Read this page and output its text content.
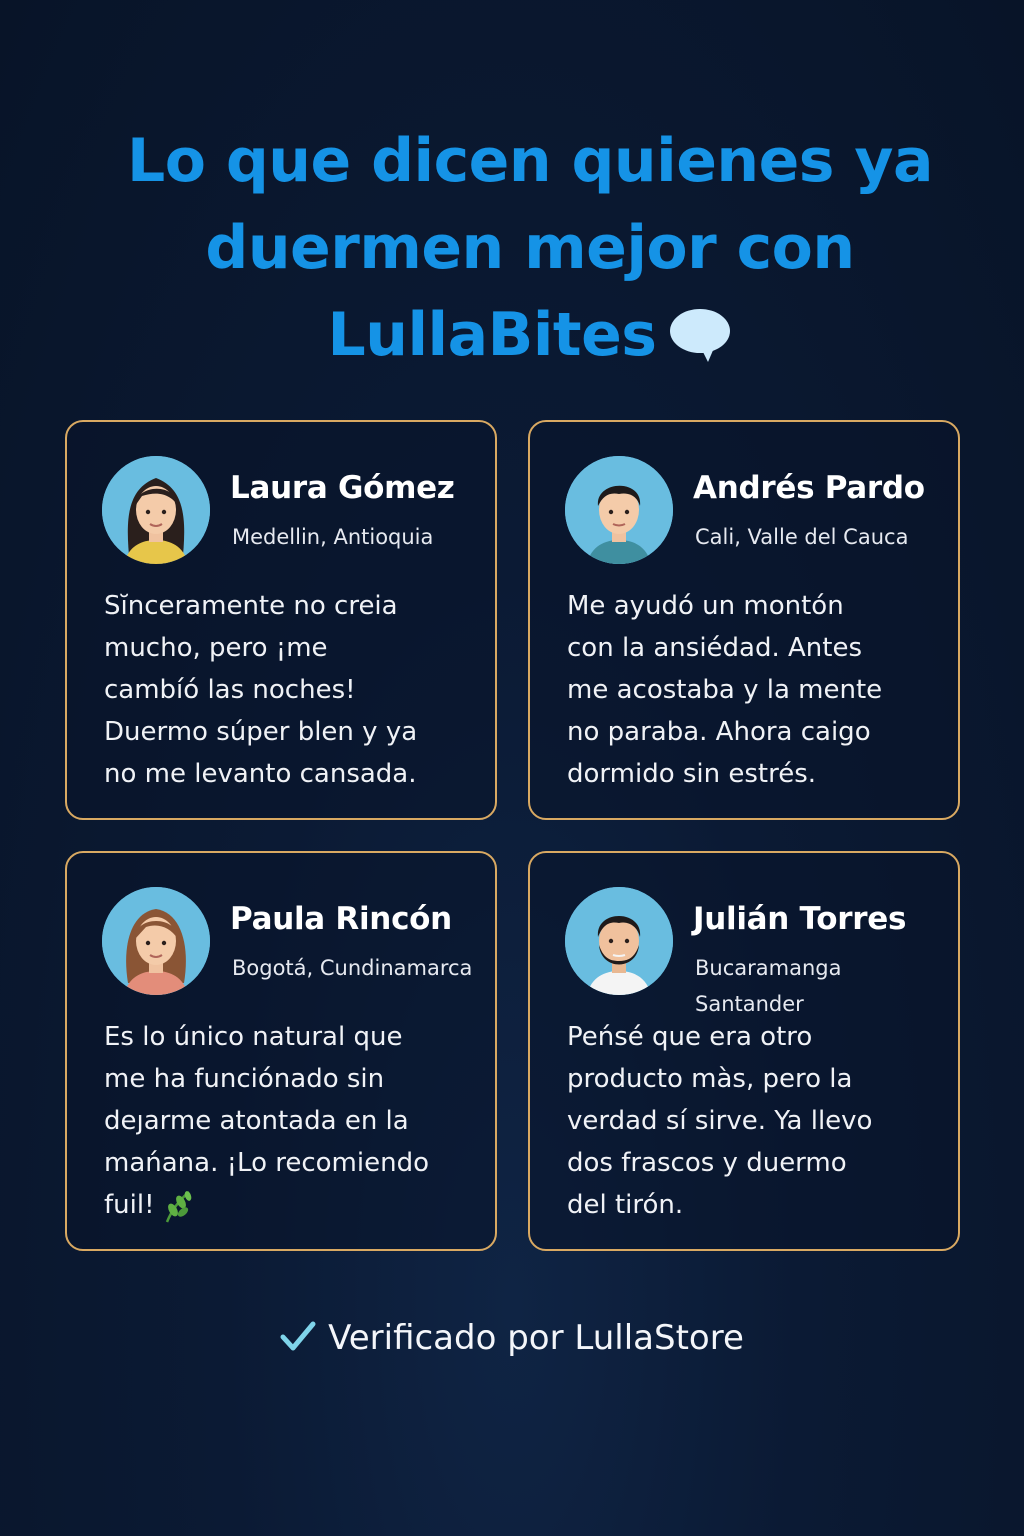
Lo que dicen quienes ya
duermen mejor con
LullaBites
Laura Gómez
Medellin, Antioquia
Sĭnceramente no creia
mucho, pero ¡me
cambíó las noches!
Duermo súper blen y ya
no me levanto cansada.
Andrés Pardo
Cali, Valle del Cauca
Me ayudó un montón
con la ansiédad. Antes
me acostaba y la mente
no paraba. Ahora caigo
dormido sin estrés.
Paula Rincón
Bogotá, Cundinamarca
Es lo único natural que
me ha funciónado sin
deȷarme atontada en la
mańana. ¡Lo recomiendo
fuil!
Julián Torres
Bucaramanga
Santander
Peńsé que era otro
producto màs, pero la
verdad sí sirve. Ya llevo
dos frascos y duermo
del tirón.
Verificado por LullaStore
